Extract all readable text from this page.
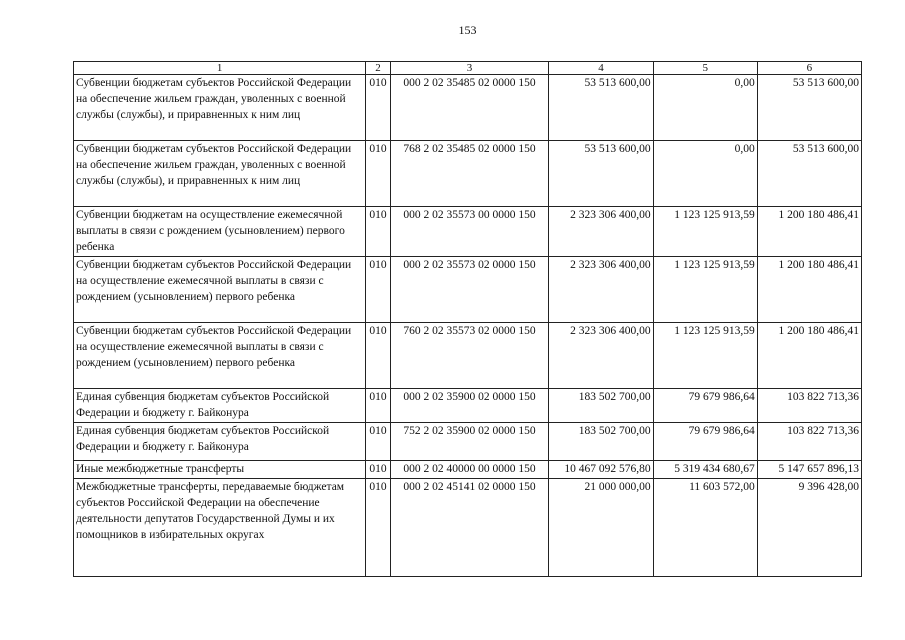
153
1	2	3	4	5	6
Субвенции бюджетам субъектов Российской Федерации на обеспечение жильем граждан, уволенных с военной службы (службы), и приравненных к ним лиц	010	000 2 02 35485 02 0000 150	53 513 600,00	0,00	53 513 600,00
Субвенции бюджетам субъектов Российской Федерации на обеспечение жильем граждан, уволенных с военной службы (службы), и приравненных к ним лиц	010	768 2 02 35485 02 0000 150	53 513 600,00	0,00	53 513 600,00
Субвенции бюджетам на осуществление ежемесячной выплаты в связи с рождением (усыновлением) первого ребенка	010	000 2 02 35573 00 0000 150	2 323 306 400,00	1 123 125 913,59	1 200 180 486,41
Субвенции бюджетам субъектов Российской Федерации на осуществление ежемесячной выплаты в связи с рождением (усыновлением) первого ребенка	010	000 2 02 35573 02 0000 150	2 323 306 400,00	1 123 125 913,59	1 200 180 486,41
Субвенции бюджетам субъектов Российской Федерации на осуществление ежемесячной выплаты в связи с рождением (усыновлением) первого ребенка	010	760 2 02 35573 02 0000 150	2 323 306 400,00	1 123 125 913,59	1 200 180 486,41
Единая субвенция бюджетам субъектов Российской Федерации и бюджету г. Байконура	010	000 2 02 35900 02 0000 150	183 502 700,00	79 679 986,64	103 822 713,36
Единая субвенция бюджетам субъектов Российской Федерации и бюджету г. Байконура	010	752 2 02 35900 02 0000 150	183 502 700,00	79 679 986,64	103 822 713,36
Иные межбюджетные трансферты	010	000 2 02 40000 00 0000 150	10 467 092 576,80	5 319 434 680,67	5 147 657 896,13
Межбюджетные трансферты, передаваемые бюджетам субъектов Российской Федерации на обеспечение деятельности депутатов Государственной Думы и их помощников в избирательных округах	010	000 2 02 45141 02 0000 150	21 000 000,00	11 603 572,00	9 396 428,00
